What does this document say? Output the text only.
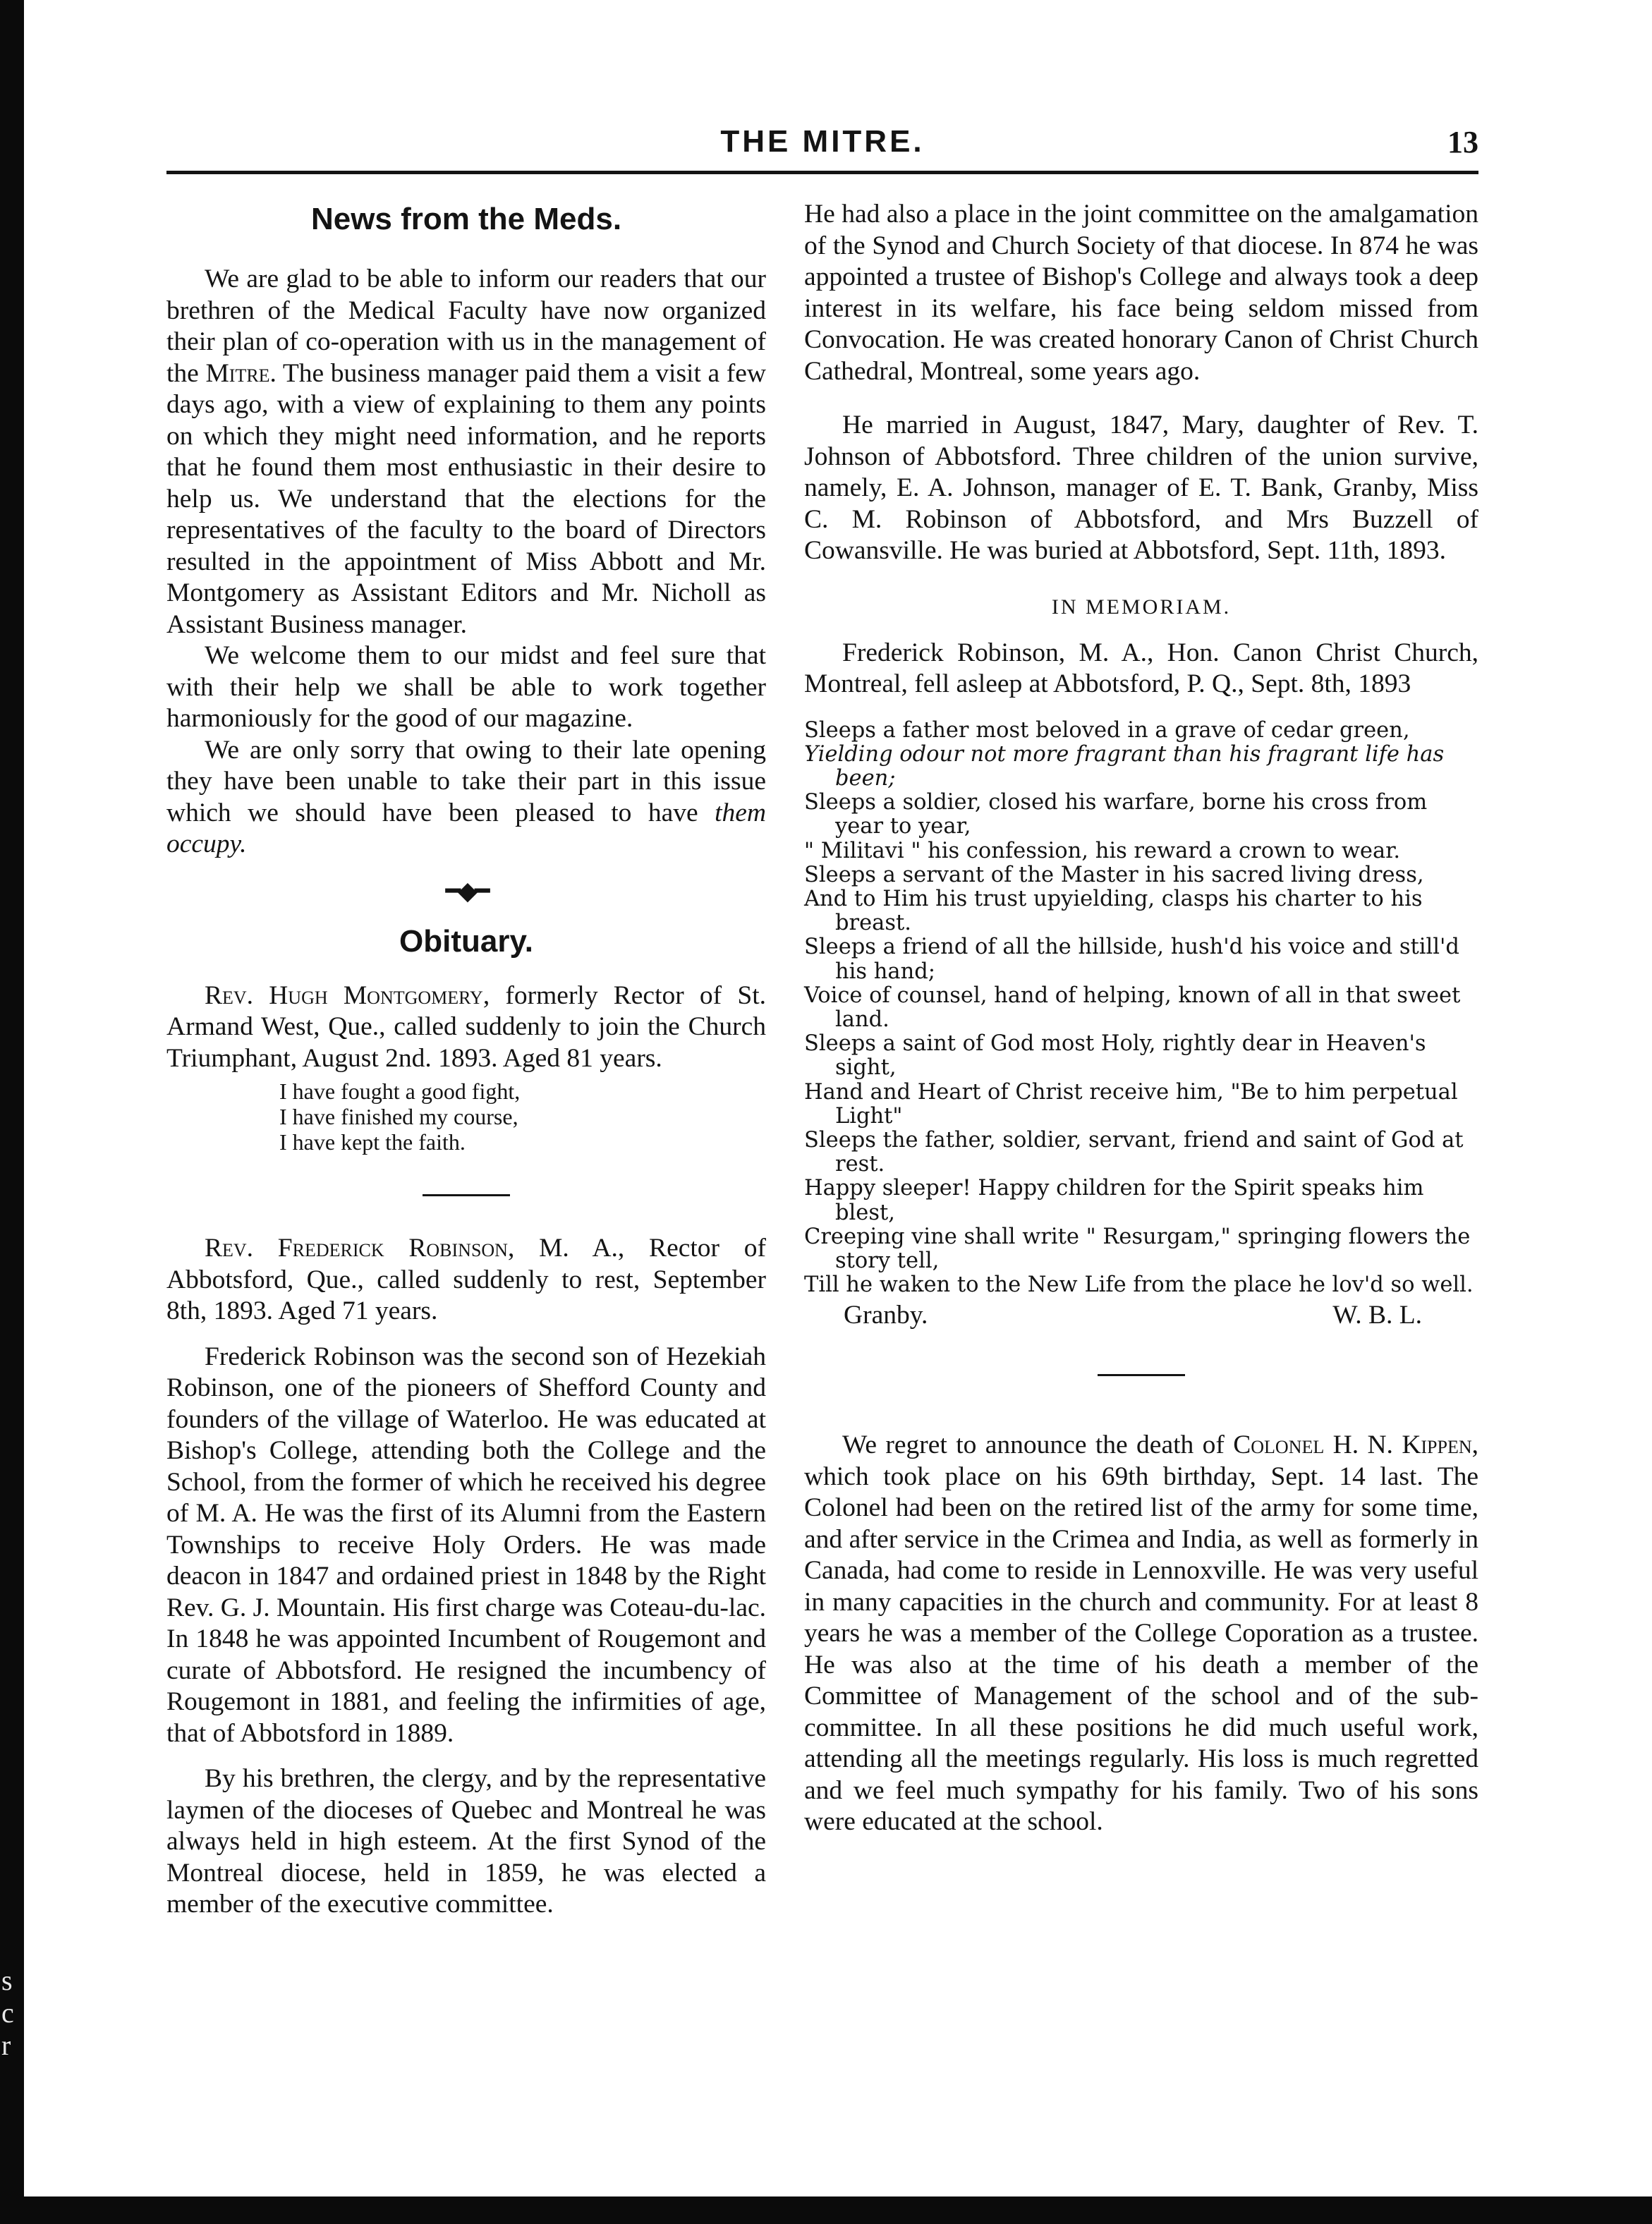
s
c
r
THE MITRE.	13
News from the Meds.

We are glad to be able to inform our readers that our brethren of the Medical Faculty have now organized their plan of co-operation with us in the management of the Mitre. The business manager paid them a visit a few days ago, with a view of explaining to them any points on which they might need information, and he reports that he found them most enthusiastic in their desire to help us. We understand that the elections for the representatives of the faculty to the board of Directors resulted in the appointment of Miss Abbott and Mr. Montgomery as Assistant Editors and Mr. Nicholl as Assistant Business manager.

We welcome them to our midst and feel sure that with their help we shall be able to work together harmoniously for the good of our magazine.

We are only sorry that owing to their late opening they have been unable to take their part in this issue which we should have been pleased to have them occupy.

━◆━
Obituary.

Rev. Hugh Montgomery, formerly Rector of St. Armand West, Que., called suddenly to join the Church Triumphant, August 2nd. 1893. Aged 81 years.

I have fought a good fight,
I have finished my course,
I have kept the faith.

Rev. Frederick Robinson, M. A., Rector of Abbotsford, Que., called suddenly to rest, September 8th, 1893. Aged 71 years.

Frederick Robinson was the second son of Hezekiah Robinson, one of the pioneers of Shefford County and founders of the village of Waterloo. He was educated at Bishop's College, attending both the College and the School, from the former of which he received his degree of M. A. He was the first of its Alumni from the Eastern Townships to receive Holy Orders. He was made deacon in 1847 and ordained priest in 1848 by the Right Rev. G. J. Mountain. His first charge was Coteau-du-lac. In 1848 he was appointed Incumbent of Rougemont and curate of Abbotsford. He resigned the incumbency of Rougemont in 1881, and feeling the infirmities of age, that of Abbotsford in 1889.

By his brethren, the clergy, and by the representative laymen of the dioceses of Quebec and Montreal he was always held in high esteem. At the first Synod of the Montreal diocese, held in 1859, he was elected a member of the executive committee.

He had also a place in the joint committee on the amalgamation of the Synod and Church Society of that diocese. In 874 he was appointed a trustee of Bishop's College and always took a deep interest in its welfare, his face being seldom missed from Convocation. He was created honorary Canon of Christ Church Cathedral, Montreal, some years ago.

He married in August, 1847, Mary, daughter of Rev. T. Johnson of Abbotsford. Three children of the union survive, namely, E. A. Johnson, manager of E. T. Bank, Granby, Miss C. M. Robinson of Abbotsford, and Mrs Buzzell of Cowansville. He was buried at Abbotsford, Sept. 11th, 1893.

IN MEMORIAM.

Frederick Robinson, M. A., Hon. Canon Christ Church, Montreal, fell asleep at Abbotsford, P. Q., Sept. 8th, 1893

Sleeps a father most beloved in a grave of cedar green,
Yielding odour not more fragrant than his fragrant life has been;
Sleeps a soldier, closed his warfare, borne his cross from year to year,
" Militavi " his confession, his reward a crown to wear.
Sleeps a servant of the Master in his sacred living dress,
And to Him his trust upyielding, clasps his charter to his breast.
Sleeps a friend of all the hillside, hush'd his voice and still'd his hand;
Voice of counsel, hand of helping, known of all in that sweet land.
Sleeps a saint of God most Holy, rightly dear in Heaven's sight,
Hand and Heart of Christ receive him, "Be to him perpetual Light"
Sleeps the father, soldier, servant, friend and saint of God at rest.
Happy sleeper! Happy children for the Spirit speaks him blest,
Creeping vine shall write " Resurgam," springing flowers the story tell,
Till he waken to the New Life from the place he lov'd so well.
Granby.	W. B. L.

We regret to announce the death of Colonel H. N. Kippen, which took place on his 69th birthday, Sept. 14 last. The Colonel had been on the retired list of the army for some time, and after service in the Crimea and India, as well as formerly in Canada, had come to reside in Lennoxville. He was very useful in many capacities in the church and community. For at least 8 years he was a member of the College Coporation as a trustee. He was also at the time of his death a member of the Committee of Management of the school and of the sub-committee. In all these positions he did much useful work, attending all the meetings regularly. His loss is much regretted and we feel much sympathy for his family. Two of his sons were educated at the school.
